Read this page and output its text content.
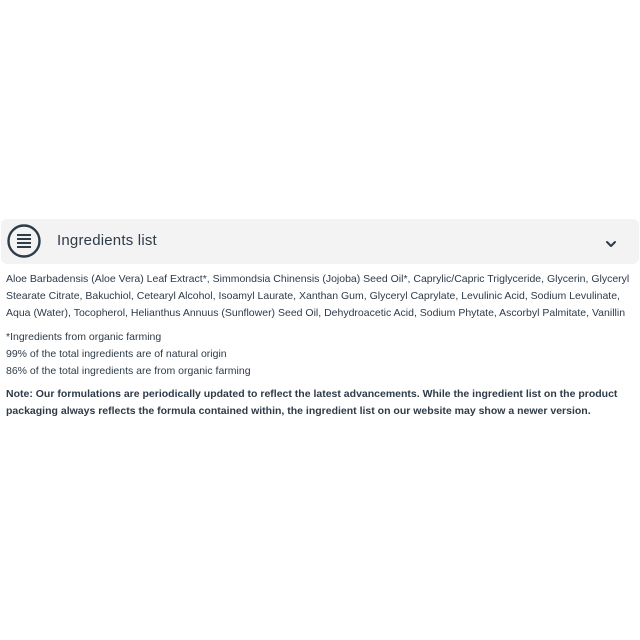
Ingredients list

Aloe Barbadensis (Aloe Vera) Leaf Extract*, Simmondsia Chinensis (Jojoba) Seed Oil*, Caprylic/Capric Triglyceride, Glycerin, Glyceryl Stearate Citrate, Bakuchiol, Cetearyl Alcohol, Isoamyl Laurate, Xanthan Gum, Glyceryl Caprylate, Levulinic Acid, Sodium Levulinate, Aqua (Water), Tocopherol, Helianthus Annuus (Sunflower) Seed Oil, Dehydroacetic Acid, Sodium Phytate, Ascorbyl Palmitate, Vanillin

*Ingredients from organic farming
99% of the total ingredients are of natural origin
86% of the total ingredients are from organic farming
Note: Our formulations are periodically updated to reflect the latest advancements. While the ingredient list on the product packaging always reflects the formula contained within, the ingredient list on our website may show a newer version.
